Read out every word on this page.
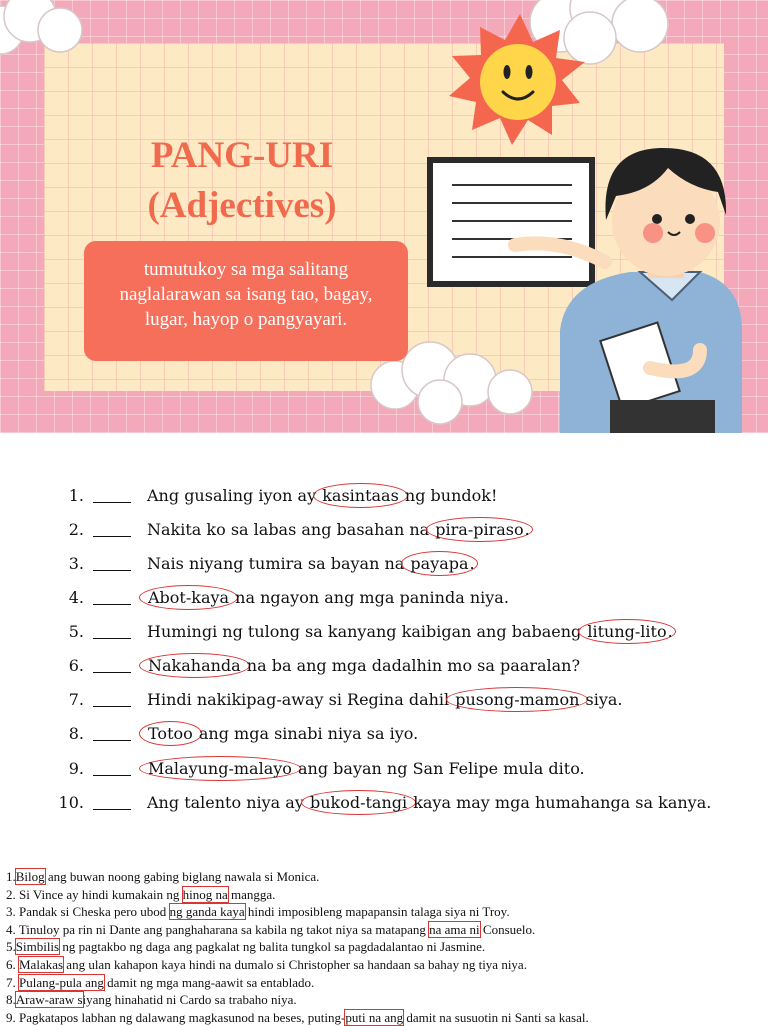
PANG-URI
(Adjectives)
tumutukoy sa mga salitang
naglalarawan sa isang tao, bagay,
lugar, hayop o pangyayari.
1.	Ang gusaling iyon ay kasintaas ng bundok!
2.	Nakita ko sa labas ang basahan na pira-piraso.
3.	Nais niyang tumira sa bayan na payapa.
4.	Abot-kaya na ngayon ang mga paninda niya.
5.	Humingi ng tulong sa kanyang kaibigan ang babaeng litung-lito.
6.	Nakahanda na ba ang mga dadalhin mo sa paaralan?
7.	Hindi nakikipag-away si Regina dahil pusong-mamon siya.
8.	Totoo ang mga sinabi niya sa iyo.
9.	Malayung-malayo ang bayan ng San Felipe mula dito.
10.	Ang talento niya ay bukod-tangi kaya may mga humahanga sa kanya.
1.Bilog ang buwan noong gabing biglang nawala si Monica.
2. Si Vince ay hindi kumakain ng hinog na mangga.
3. Pandak si Cheska pero ubod ng ganda kaya hindi imposibleng mapapansin talaga siya ni Troy.
4. Tinuloy pa rin ni Dante ang panghaharana sa kabila ng takot niya sa matapang na ama ni Consuelo.
5.Simbilis ng pagtakbo ng daga ang pagkalat ng balita tungkol sa pagdadalantao ni Jasmine.
6. Malakas ang ulan kahapon kaya hindi na dumalo si Christopher sa handaan sa bahay ng tiya niya.
7. Pulang-pula ang damit ng mga mang-aawit sa entablado.
8.Araw-araw siyang hinahatid ni Cardo sa trabaho niya.
9. Pagkatapos labhan ng dalawang magkasunod na beses, puting-puti na ang damit na susuotin ni Santi sa kasal.
